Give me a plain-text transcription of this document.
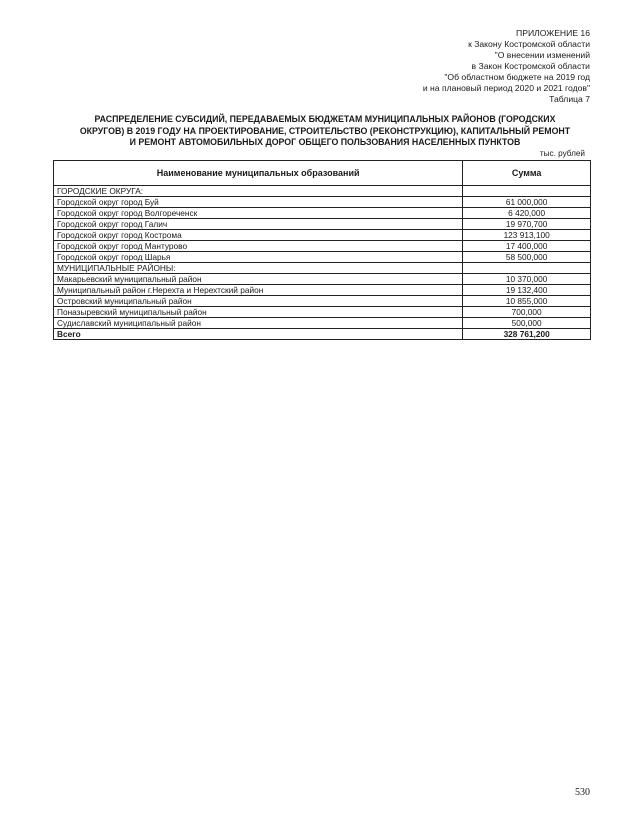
ПРИЛОЖЕНИЕ 16
к Закону Костромской области
"О внесении изменений
в Закон Костромской области
"Об областном бюджете на 2019 год
и на плановый период 2020 и 2021 годов"
Таблица 7
РАСПРЕДЕЛЕНИЕ СУБСИДИЙ, ПЕРЕДАВАЕМЫХ БЮДЖЕТАМ МУНИЦИПАЛЬНЫХ РАЙОНОВ (ГОРОДСКИХ
ОКРУГОВ) В 2019 ГОДУ НА ПРОЕКТИРОВАНИЕ, СТРОИТЕЛЬСТВО (РЕКОНСТРУКЦИЮ), КАПИТАЛЬНЫЙ РЕМОНТ
И РЕМОНТ АВТОМОБИЛЬНЫХ ДОРОГ ОБЩЕГО ПОЛЬЗОВАНИЯ НАСЕЛЕННЫХ ПУНКТОВ
тыс. рублей
Наименование муниципальных образований	Сумма
ГОРОДСКИЕ ОКРУГА:	
Городской округ город Буй	61 000,000
Городской округ город Волгореченск	6 420,000
Городской округ город Галич	19 970,700
Городской округ город Кострома	123 913,100
Городской округ город Мантурово	17 400,000
Городской округ город Шарья	58 500,000
МУНИЦИПАЛЬНЫЕ РАЙОНЫ:	
Макарьевский муниципальный район	10 370,000
Муниципальный район г.Нерехта и Нерехтский район	19 132,400
Островский муниципальный район	10 855,000
Поназыревский муниципальный район	700,000
Судиславский муниципальный район	500,000
Всего	328 761,200
530
